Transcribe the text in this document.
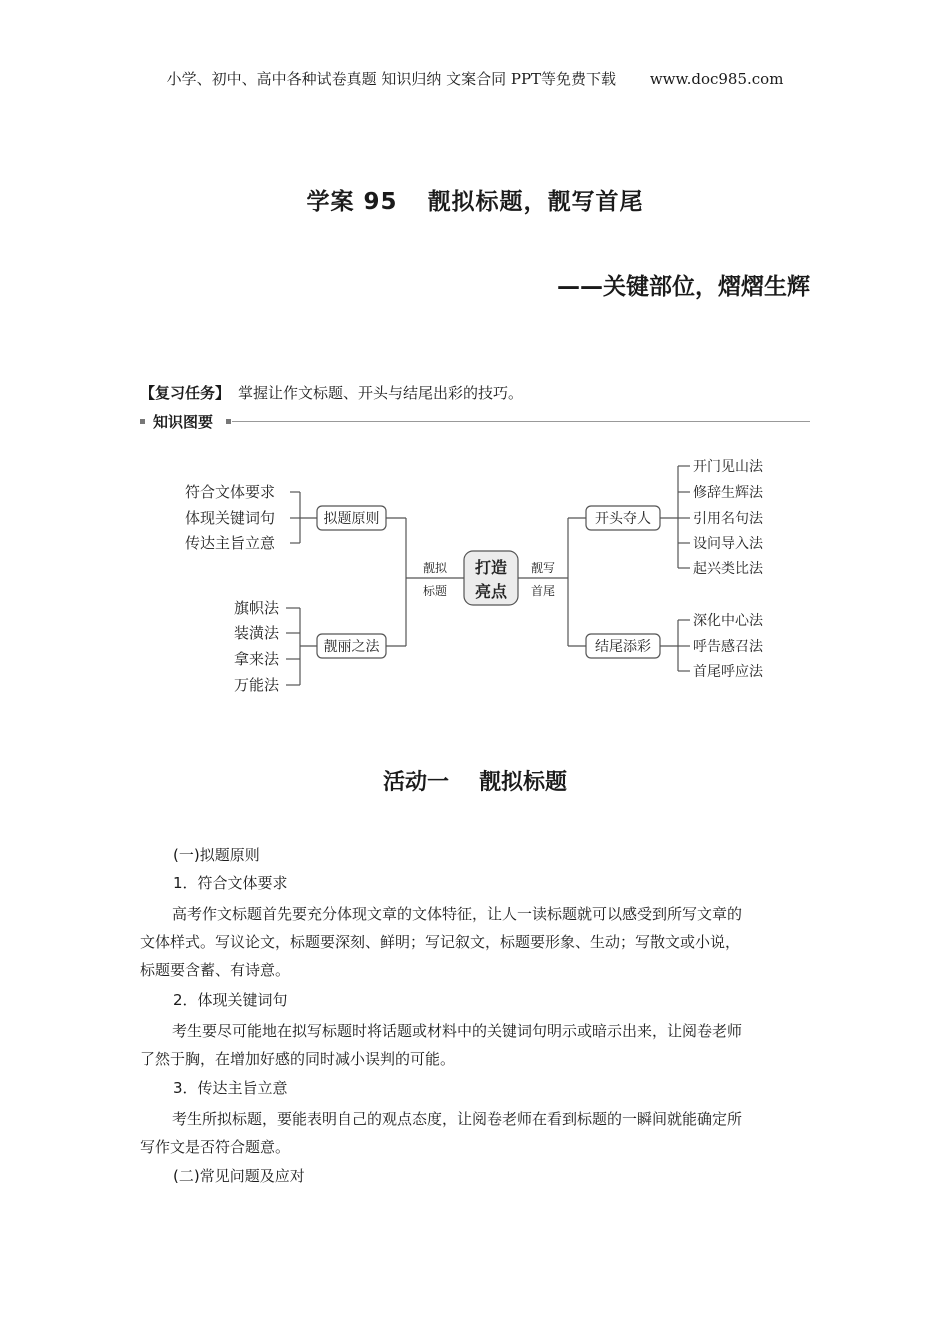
小学、初中、高中各种试卷真题 知识归纳 文案合同 PPT等免费下载 www.doc985.com
学案 95 靓拟标题，靓写首尾
——关键部位，熠熠生辉
【复习任务】 掌握让作文标题、开头与结尾出彩的技巧。
知识图要
符合文体要求
体现关键词句
传达主旨立意
旗帜法
装潢法
拿来法
万能法
拟题原则
靓丽之法
靓拟
标题
靓写
首尾
打造
亮点
开头夺人
结尾添彩
开门见山法
修辞生辉法
引用名句法
设问导入法
起兴类比法
深化中心法
呼告感召法
首尾呼应法
活动一 靓拟标题
(一)拟题原则
1．符合文体要求
高考作文标题首先要充分体现文章的文体特征，让人一读标题就可以感受到所写文章的
文体样式。写议论文，标题要深刻、鲜明；写记叙文，标题要形象、生动；写散文或小说，
标题要含蓄、有诗意。
2．体现关键词句
考生要尽可能地在拟写标题时将话题或材料中的关键词句明示或暗示出来，让阅卷老师
了然于胸，在增加好感的同时减小误判的可能。
3．传达主旨立意
考生所拟标题，要能表明自己的观点态度，让阅卷老师在看到标题的一瞬间就能确定所
写作文是否符合题意。
(二)常见问题及应对
